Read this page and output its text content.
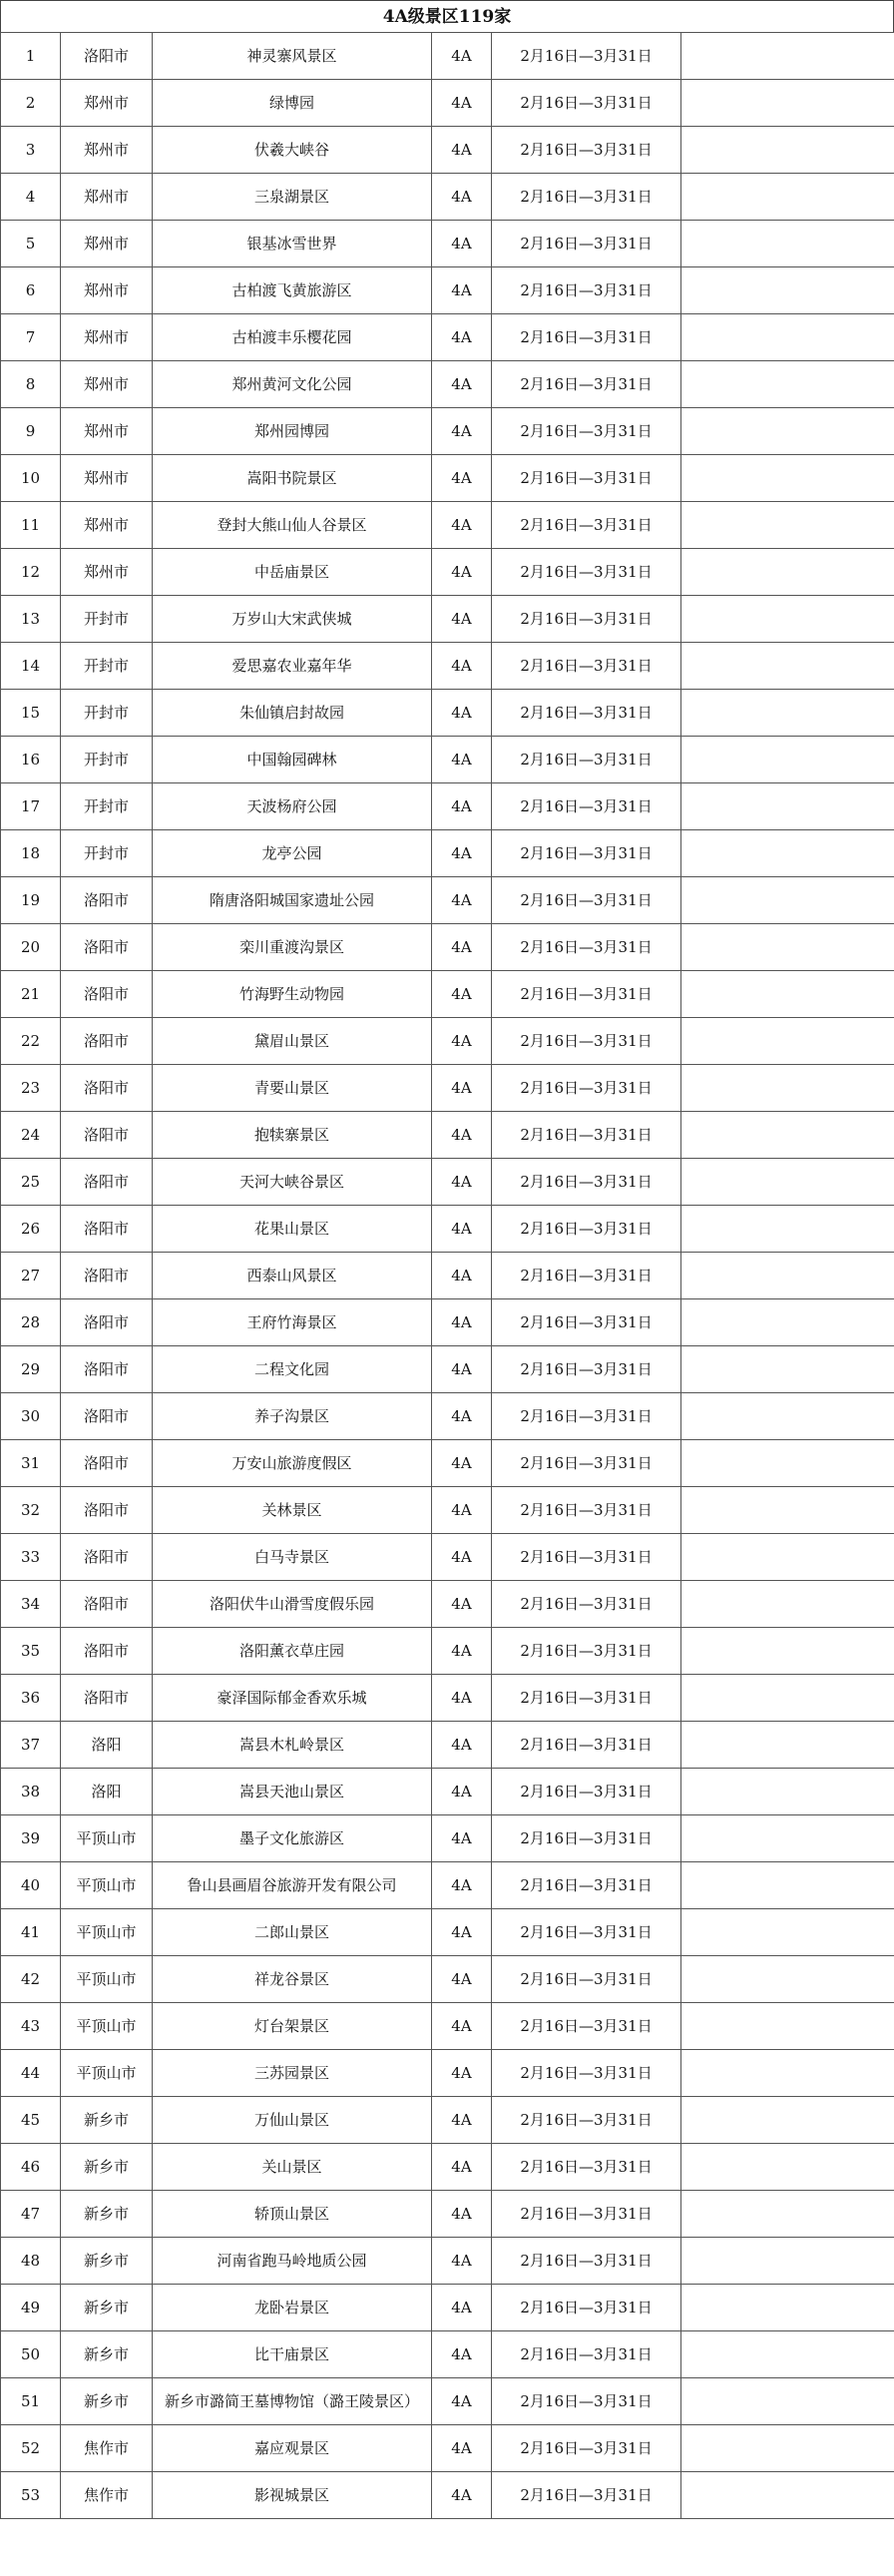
4A级景区119家
1	洛阳市	神灵寨风景区	4A	2月16日—3月31日	
2	郑州市	绿博园	4A	2月16日—3月31日	
3	郑州市	伏羲大峡谷	4A	2月16日—3月31日	
4	郑州市	三泉湖景区	4A	2月16日—3月31日	
5	郑州市	银基冰雪世界	4A	2月16日—3月31日	
6	郑州市	古柏渡飞黄旅游区	4A	2月16日—3月31日	
7	郑州市	古柏渡丰乐樱花园	4A	2月16日—3月31日	
8	郑州市	郑州黄河文化公园	4A	2月16日—3月31日	
9	郑州市	郑州园博园	4A	2月16日—3月31日	
10	郑州市	嵩阳书院景区	4A	2月16日—3月31日	
11	郑州市	登封大熊山仙人谷景区	4A	2月16日—3月31日	
12	郑州市	中岳庙景区	4A	2月16日—3月31日	
13	开封市	万岁山大宋武侠城	4A	2月16日—3月31日	
14	开封市	爱思嘉农业嘉年华	4A	2月16日—3月31日	
15	开封市	朱仙镇启封故园	4A	2月16日—3月31日	
16	开封市	中国翰园碑林	4A	2月16日—3月31日	
17	开封市	天波杨府公园	4A	2月16日—3月31日	
18	开封市	龙亭公园	4A	2月16日—3月31日	
19	洛阳市	隋唐洛阳城国家遗址公园	4A	2月16日—3月31日	
20	洛阳市	栾川重渡沟景区	4A	2月16日—3月31日	
21	洛阳市	竹海野生动物园	4A	2月16日—3月31日	
22	洛阳市	黛眉山景区	4A	2月16日—3月31日	
23	洛阳市	青要山景区	4A	2月16日—3月31日	
24	洛阳市	抱犊寨景区	4A	2月16日—3月31日	
25	洛阳市	天河大峡谷景区	4A	2月16日—3月31日	
26	洛阳市	花果山景区	4A	2月16日—3月31日	
27	洛阳市	西泰山风景区	4A	2月16日—3月31日	
28	洛阳市	王府竹海景区	4A	2月16日—3月31日	
29	洛阳市	二程文化园	4A	2月16日—3月31日	
30	洛阳市	养子沟景区	4A	2月16日—3月31日	
31	洛阳市	万安山旅游度假区	4A	2月16日—3月31日	
32	洛阳市	关林景区	4A	2月16日—3月31日	
33	洛阳市	白马寺景区	4A	2月16日—3月31日	
34	洛阳市	洛阳伏牛山滑雪度假乐园	4A	2月16日—3月31日	
35	洛阳市	洛阳薰衣草庄园	4A	2月16日—3月31日	
36	洛阳市	豪泽国际郁金香欢乐城	4A	2月16日—3月31日	
37	洛阳	嵩县木札岭景区	4A	2月16日—3月31日	
38	洛阳	嵩县天池山景区	4A	2月16日—3月31日	
39	平顶山市	墨子文化旅游区	4A	2月16日—3月31日	
40	平顶山市	鲁山县画眉谷旅游开发有限公司	4A	2月16日—3月31日	
41	平顶山市	二郎山景区	4A	2月16日—3月31日	
42	平顶山市	祥龙谷景区	4A	2月16日—3月31日	
43	平顶山市	灯台架景区	4A	2月16日—3月31日	
44	平顶山市	三苏园景区	4A	2月16日—3月31日	
45	新乡市	万仙山景区	4A	2月16日—3月31日	
46	新乡市	关山景区	4A	2月16日—3月31日	
47	新乡市	轿顶山景区	4A	2月16日—3月31日	
48	新乡市	河南省跑马岭地质公园	4A	2月16日—3月31日	
49	新乡市	龙卧岩景区	4A	2月16日—3月31日	
50	新乡市	比干庙景区	4A	2月16日—3月31日	
51	新乡市	新乡市潞简王墓博物馆（潞王陵景区）	4A	2月16日—3月31日	
52	焦作市	嘉应观景区	4A	2月16日—3月31日	
53	焦作市	影视城景区	4A	2月16日—3月31日	
